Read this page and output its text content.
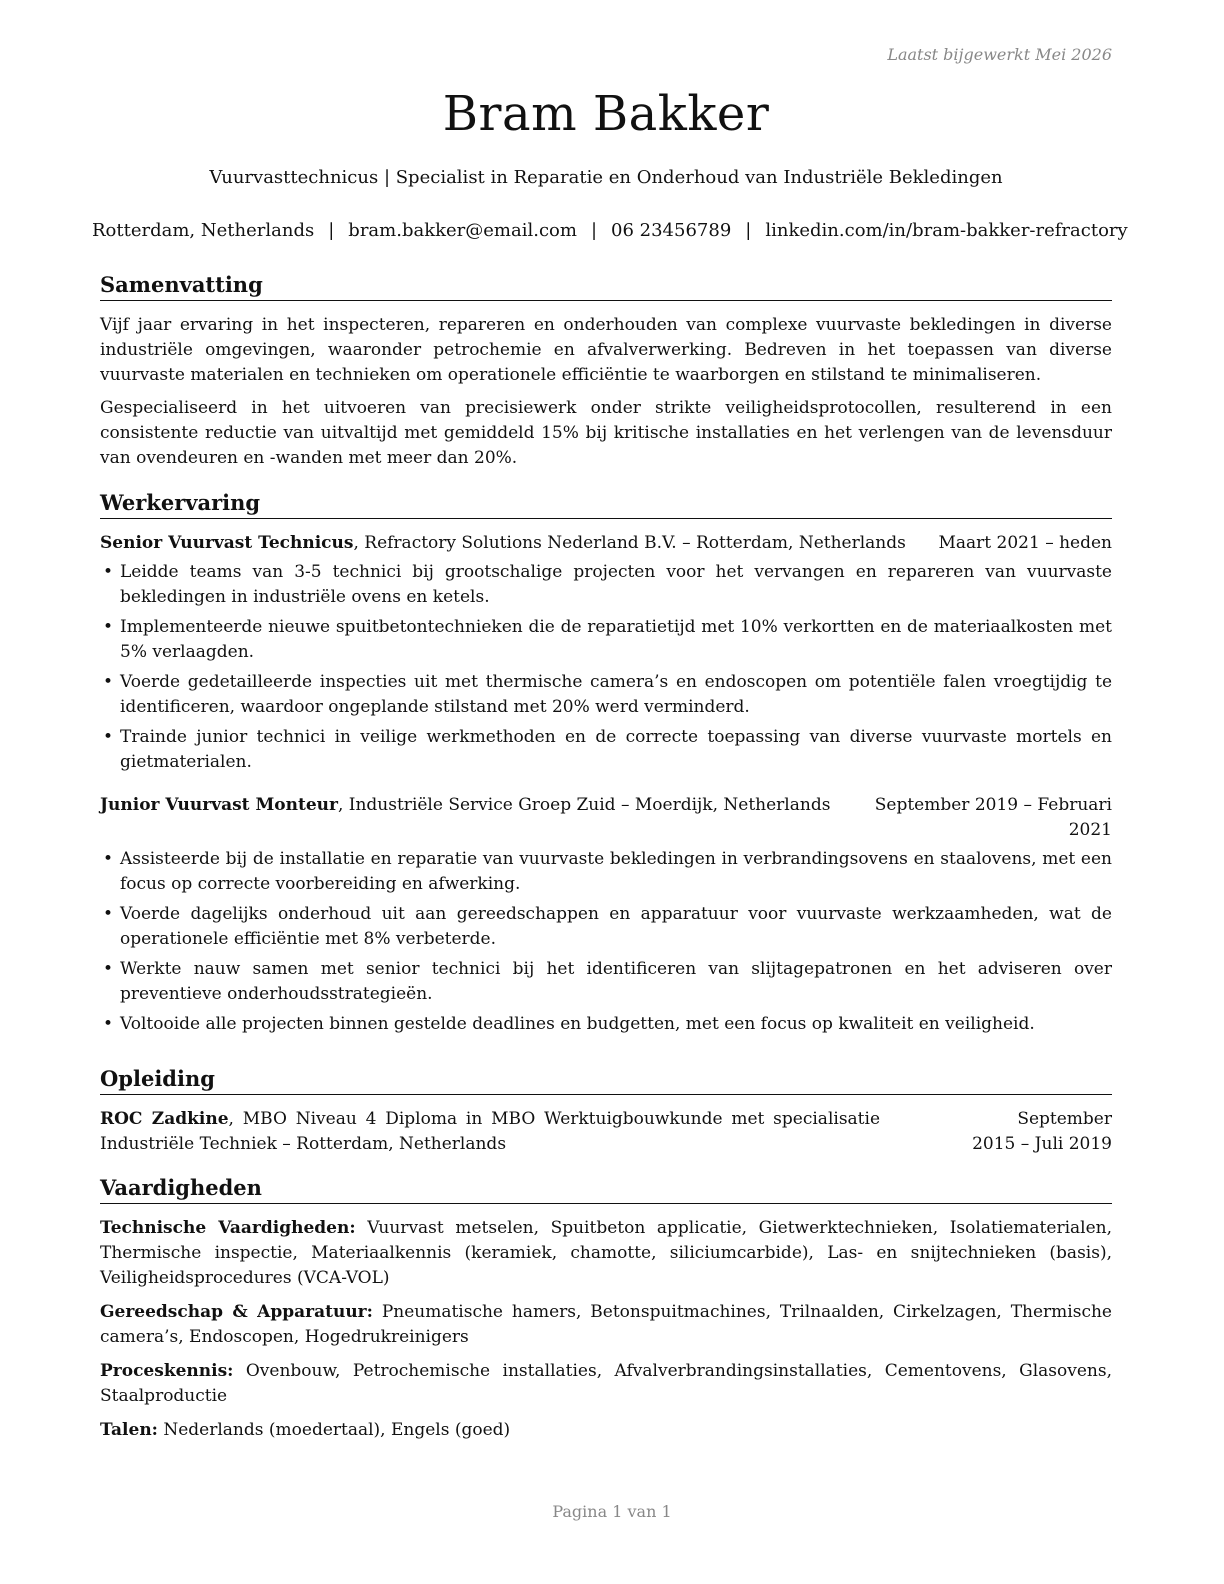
Laatst bijgewerkt Mei 2026
Bram Bakker
Vuurvasttechnicus | Specialist in Reparatie en Onderhoud van Industriële Bekledingen
Rotterdam, Netherlands | bram.bakker@email.com | 06 23456789 | linkedin.com/in/bram-bakker-refractory
Samenvatting

Vijf jaar ervaring in het inspecteren, repareren en onderhouden van complexe vuurvaste bekledingen in diverse industriële omgevingen, waaronder petrochemie en afvalverwerking. Bedreven in het toepassen van diverse vuurvaste materialen en technieken om operationele efficiëntie te waarborgen en stilstand te minimaliseren.

Gespecialiseerd in het uitvoeren van precisiewerk onder strikte veiligheidsprotocollen, resulterend in een consistente reductie van uitvaltijd met gemiddeld 15% bij kritische installaties en het verlengen van de levensduur van ovendeuren en -wanden met meer dan 20%.

Werkervaring
Senior Vuurvast Technicus, Refractory Solutions Nederland B.V. – Rotterdam, Netherlands Maart 2021 – heden
• Leidde teams van 3-5 technici bij grootschalige projecten voor het vervangen en repareren van vuurvaste bekledingen in industriële ovens en ketels.
• Implementeerde nieuwe spuitbetontechnieken die de reparatietijd met 10% verkortten en de materiaalkosten met 5% verlaagden.
• Voerde gedetailleerde inspecties uit met thermische camera’s en endoscopen om potentiële falen vroegtijdig te identificeren, waardoor ongeplande stilstand met 20% werd verminderd.
• Trainde junior technici in veilige werkmethoden en de correcte toepassing van diverse vuurvaste mortels en gietmaterialen.
Junior Vuurvast Monteur, Industriële Service Groep Zuid – Moerdijk, Netherlands	September 2019 – Februari 2021
• Assisteerde bij de installatie en reparatie van vuurvaste bekledingen in verbrandingsovens en staalovens, met een focus op correcte voorbereiding en afwerking.
• Voerde dagelijks onderhoud uit aan gereedschappen en apparatuur voor vuurvaste werkzaamheden, wat de operationele efficiëntie met 8% verbeterde.
• Werkte nauw samen met senior technici bij het identificeren van slijtagepatronen en het adviseren over preventieve onderhoudsstrategieën.
• Voltooide alle projecten binnen gestelde deadlines en budgetten, met een focus op kwaliteit en veiligheid.
Opleiding
ROC Zadkine, MBO Niveau 4 Diploma in MBO Werktuigbouwkunde met specialisatie Industriële Techniek – Rotterdam, Netherlands
September 2015 – Juli 2019
Vaardigheden
Technische Vaardigheden: Vuurvast metselen, Spuitbeton applicatie, Gietwerktechnieken, Isolatiematerialen, Thermische inspectie, Materiaalkennis (keramiek, chamotte, siliciumcarbide), Las- en snijtechnieken (basis), Veiligheidsprocedures (VCA-VOL)
Gereedschap & Apparatuur: Pneumatische hamers, Betonspuitmachines, Trilnaalden, Cirkelzagen, Thermische camera’s, Endoscopen, Hogedrukreinigers
Proceskennis: Ovenbouw, Petrochemische installaties, Afvalverbrandingsinstallaties, Cementovens, Glasovens, Staalproductie
Talen: Nederlands (moedertaal), Engels (goed)
Pagina 1 van 1
